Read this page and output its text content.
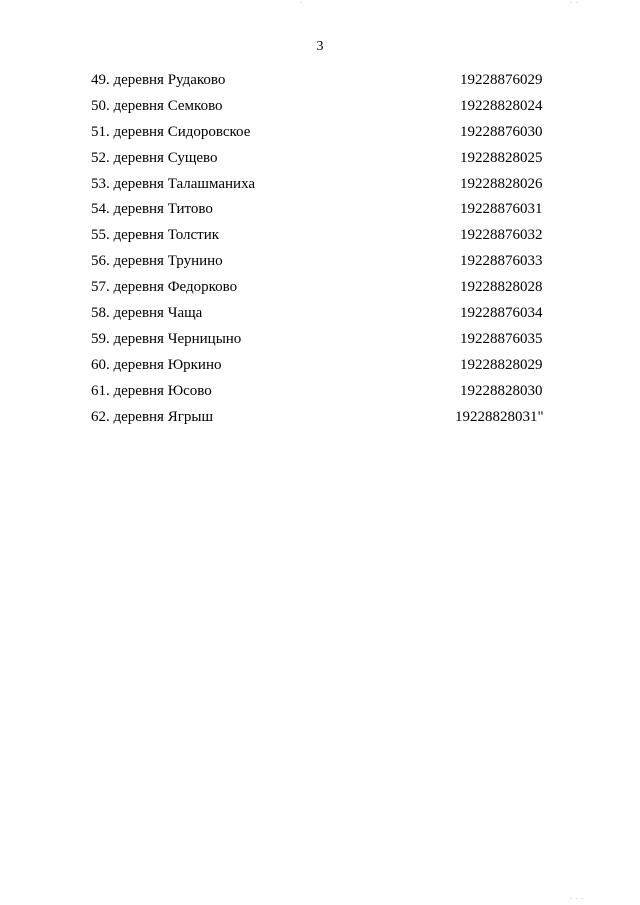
3
49. деревня Рудаково	19228876029
50. деревня Семково	19228828024
51. деревня Сидоровское	19228876030
52. деревня Сущево	19228828025
53. деревня Талашманиха	19228828026
54. деревня Титово	19228876031
55. деревня Толстик	19228876032
56. деревня Трунино	19228876033
57. деревня Федорково	19228828028
58. деревня Чаща	19228876034
59. деревня Черницыно	19228876035
60. деревня Юркино	19228828029
61. деревня Юсово	19228828030
62. деревня Ягрыш	19228828031"
·	· ·
· · ·
